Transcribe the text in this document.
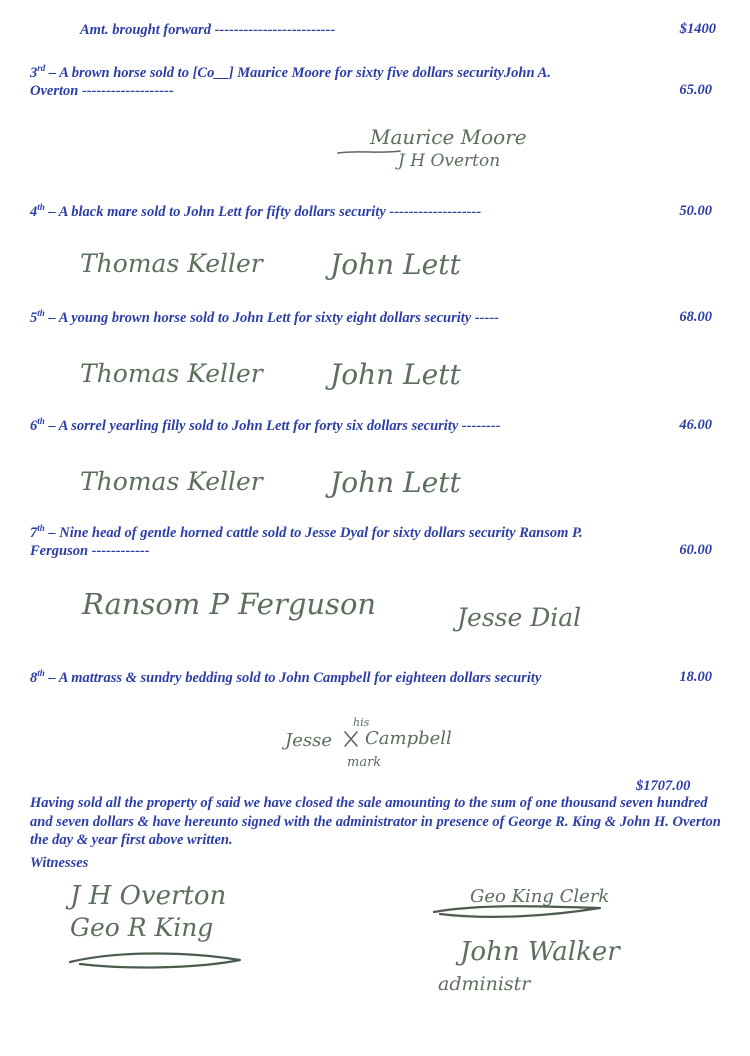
Amt. brought forward -------------------------	$1400
3rd – A brown horse sold to [Co__] Maurice Moore for sixty five dollars securityJohn A.
Overton -------------------	65.00
Maurice Moore
J H Overton
4th – A black mare sold to John Lett for fifty dollars security -------------------	50.00
Thomas Keller John Lett
5th – A young brown horse sold to John Lett for sixty eight dollars security -----	68.00
Thomas Keller John Lett
6th – A sorrel yearling filly sold to John Lett for forty six dollars security --------	46.00
Thomas Keller John Lett
7th – Nine head of gentle horned cattle sold to Jesse Dyal for sixty dollars security Ransom P.
Ferguson ------------	60.00
Ransom P Ferguson	Jesse Dial
8th – A mattrass & sundry bedding sold to John Campbell for eighteen dollars security	18.00
Jesse
his
Campbell
mark
$1707.00
Having sold all the property of said we have closed the sale amounting to the sum of one thousand seven hundred and seven dollars & have hereunto signed with the administrator in presence of George R. King & John H. Overton the day & year first above written.
Witnesses
J H Overton
Geo R King
Geo King Clerk
John Walker
administr
